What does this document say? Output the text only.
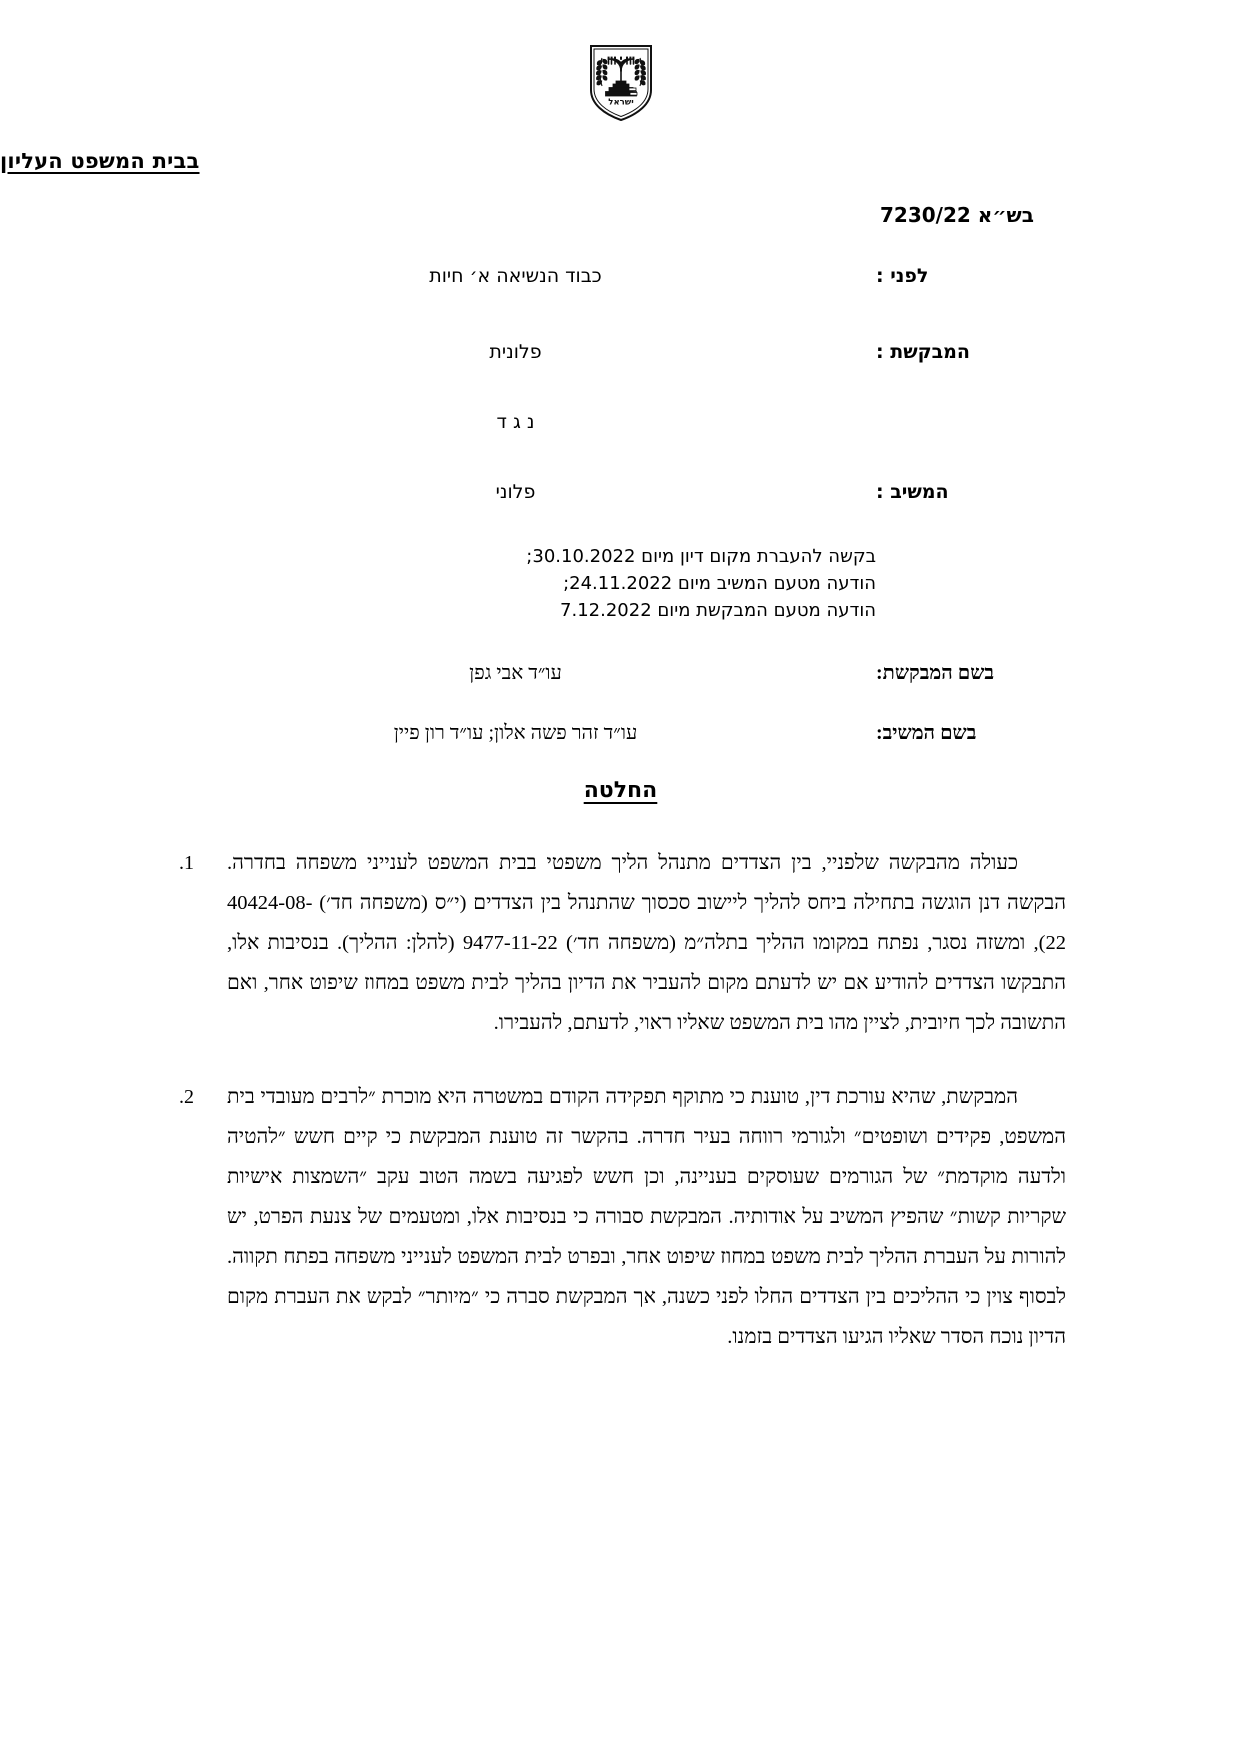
ישראל
בבית המשפט העליון
בש״א 7230/22
לפני :
כבוד הנשיאה א׳ חיות
המבקשת :
פלונית
נ ג ד
המשיב :
פלוני
בקשה להעברת מקום דיון מיום 30.10.2022;
הודעה מטעם המשיב מיום 24.11.2022;
הודעה מטעם המבקשת מיום 7.12.2022
בשם המבקשת:
עו״ד אבי גפן
בשם המשיב:
עו״ד זהר פשה אלון; עו״ד רון פיין
החלטה
.1	כעולה מהבקשה שלפניי, בין הצדדים מתנהל הליך משפטי בבית המשפט לענייני משפחה בחדרה. הבקשה דנן הוגשה בתחילה ביחס להליך ליישוב סכסוך שהתנהל בין הצדדים (י״ס (משפחה חד׳) 40424-08-22), ומשזה נסגר, נפתח במקומו ההליך בתלה״מ (משפחה חד׳) 9477-11-22 (להלן: ההליך). בנסיבות אלו, התבקשו הצדדים להודיע אם יש לדעתם מקום להעביר את הדיון בהליך לבית משפט במחוז שיפוט אחר, ואם התשובה לכך חיובית, לציין מהו בית המשפט שאליו ראוי, לדעתם, להעבירו.
.2	המבקשת, שהיא עורכת דין, טוענת כי מתוקף תפקידה הקודם במשטרה היא מוכרת ״לרבים מעובדי בית המשפט, פקידים ושופטים״ ולגורמי רווחה בעיר חדרה. בהקשר זה טוענת המבקשת כי קיים חשש ״להטיה ולדעה מוקדמת״ של הגורמים שעוסקים בעניינה, וכן חשש לפגיעה בשמה הטוב עקב ״השמצות אישיות שקריות קשות״ שהפיץ המשיב על אודותיה. המבקשת סבורה כי בנסיבות אלו, ומטעמים של צנעת הפרט, יש להורות על העברת ההליך לבית משפט במחוז שיפוט אחר, ובפרט לבית המשפט לענייני משפחה בפתח תקווה. לבסוף צוין כי ההליכים בין הצדדים החלו לפני כשנה, אך המבקשת סברה כי ״מיותר״ לבקש את העברת מקום הדיון נוכח הסדר שאליו הגיעו הצדדים בזמנו.
